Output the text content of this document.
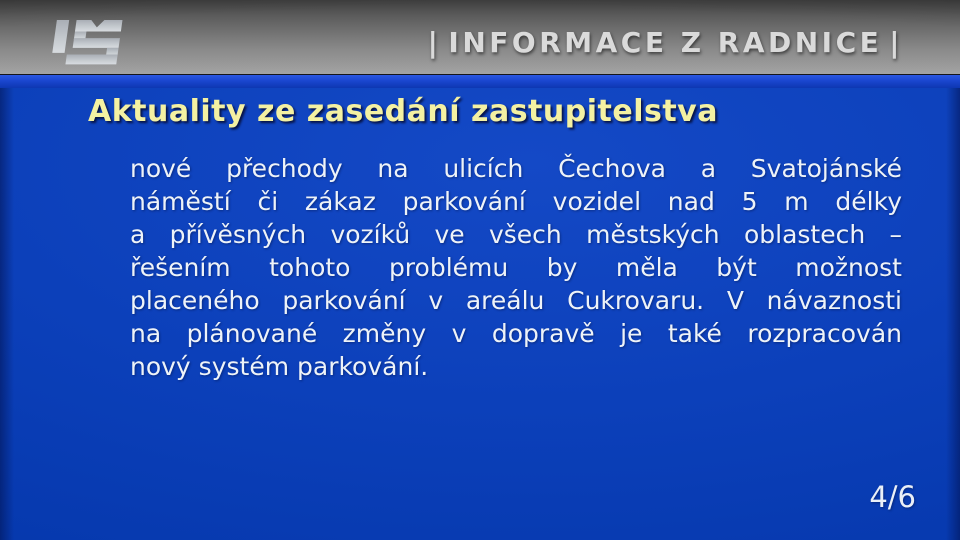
| INFORMACE Z RADNICE |
Aktuality ze zasedání zastupitelstva
nové přechody na ulicích Čechova a Svatojánské
náměstí či zákaz parkování vozidel nad 5 m délky
a přívěsných vozíků ve všech městských oblastech –
řešením tohoto problému by měla být možnost
placeného parkování v areálu Cukrovaru. V návaznosti
na plánované změny v dopravě je také rozpracován
nový systém parkování.
4/6
